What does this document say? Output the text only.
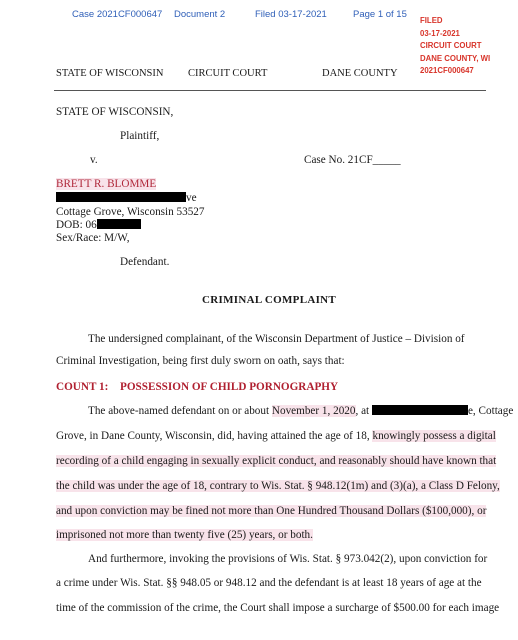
Case 2021CF000647 Document 2	Filed 03-17-2021	Page 1 of 15
FILED
03-17-2021
CIRCUIT COURT
DANE COUNTY, WI
2021CF000647
STATE OF WISCONSIN CIRCUIT COURT	DANE COUNTY
STATE OF WISCONSIN,
Plaintiff,
v.	Case No. 21CF_____
BRETT R. BLOMME
ve
Cottage Grove, Wisconsin 53527
DOB: 06
Sex/Race: M/W,
Defendant.
CRIMINAL COMPLAINT
The undersigned complainant, of the Wisconsin Department of Justice – Division of
Criminal Investigation, being first duly sworn on oath, says that:
COUNT 1: POSSESSION OF CHILD PORNOGRAPHY
The above-named defendant on or about November 1, 2020, at	e, Cottage
Grove, in Dane County, Wisconsin, did, having attained the age of 18, knowingly possess a digital
recording of a child engaging in sexually explicit conduct, and reasonably should have known that
the child was under the age of 18, contrary to Wis. Stat. § 948.12(1m) and (3)(a), a Class D Felony,
and upon conviction may be fined not more than One Hundred Thousand Dollars ($100,000), or
imprisoned not more than twenty five (25) years, or both.
And furthermore, invoking the provisions of Wis. Stat. § 973.042(2), upon conviction for
a crime under Wis. Stat. §§ 948.05 or 948.12 and the defendant is at least 18 years of age at the
time of the commission of the crime, the Court shall impose a surcharge of $500.00 for each image
